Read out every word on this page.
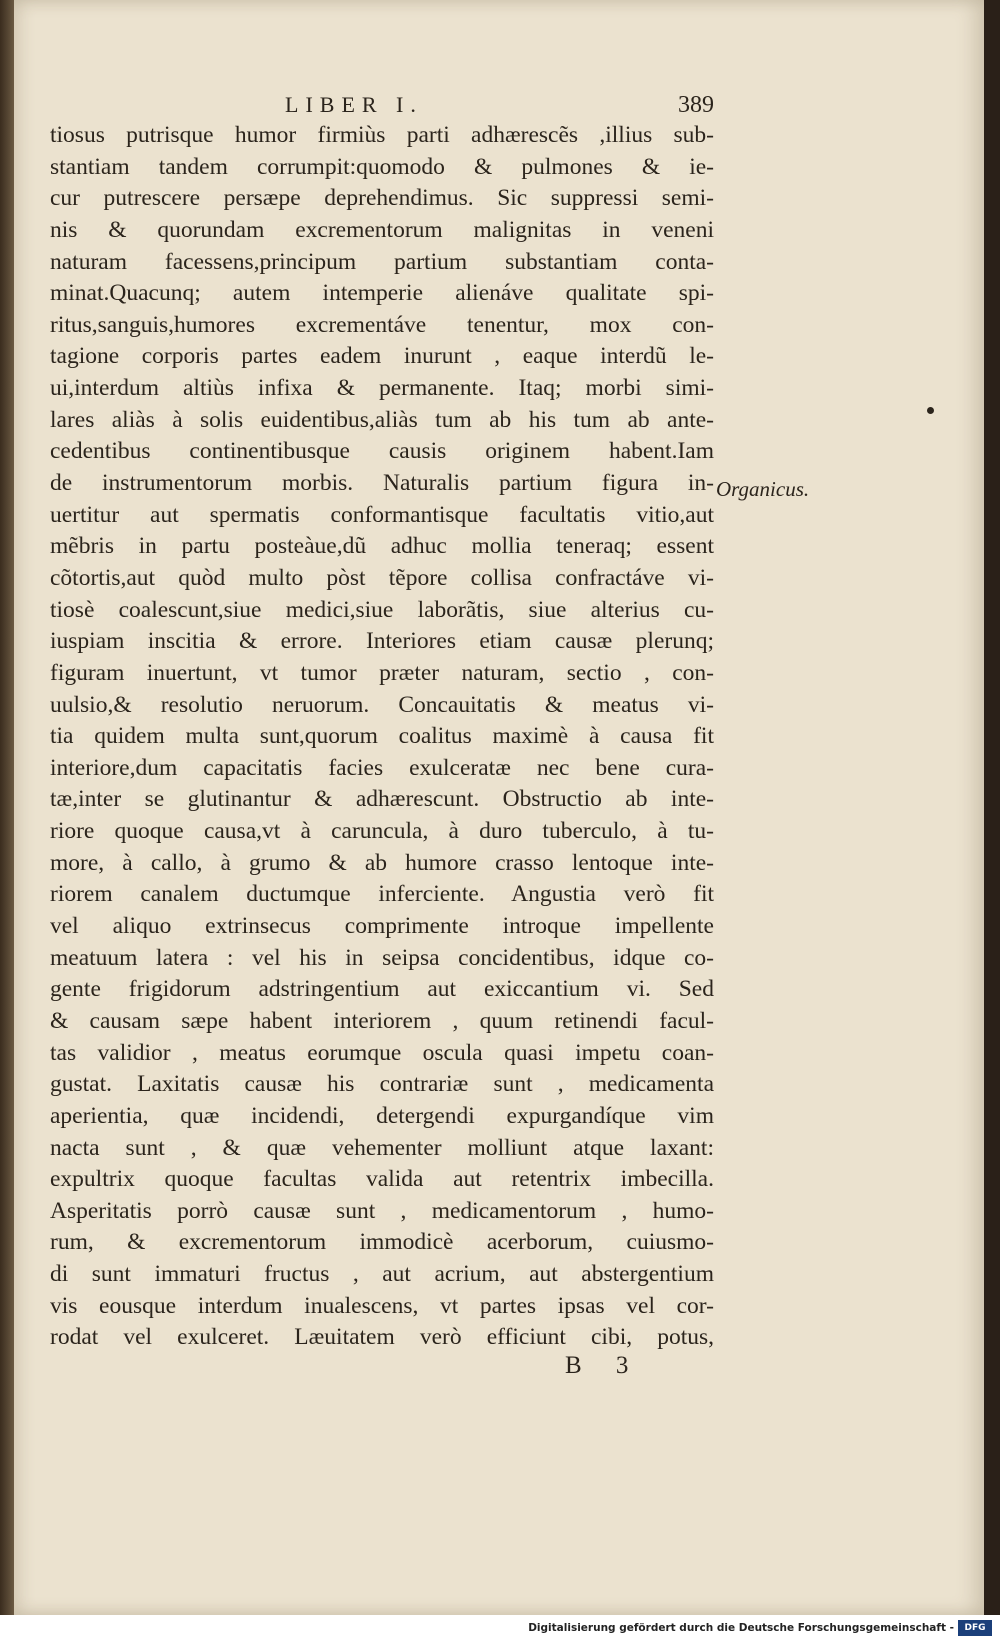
LIBER I.	389
tiosus putrisque humor firmiùs parti adhærescẽs ,illius sub-
stantiam tandem corrumpit:quomodo & pulmones & ie-
cur putrescere persæpe deprehendimus. Sic suppressi semi-
nis & quorundam excrementorum malignitas in veneni
naturam facessens,principum partium substantiam conta-
minat.Quacunq; autem intemperie alienáve qualitate spi-
ritus,sanguis,humores excrementáve tenentur, mox con-
tagione corporis partes eadem inurunt , eaque interdũ le-
ui,interdum altiùs infixa & permanente. Itaq; morbi simi-
lares aliàs à solis euidentibus,aliàs tum ab his tum ab ante-
cedentibus continentibusque causis originem habent.Iam
de instrumentorum morbis. Naturalis partium figura in-
uertitur aut spermatis conformantisque facultatis vitio,aut
mẽbris in partu posteàue,dũ adhuc mollia teneraq; essent
cõtortis,aut quòd multo pòst tẽpore collisa confractáve vi-
tiosè coalescunt,siue medici,siue laborãtis, siue alterius cu-
iuspiam inscitia & errore. Interiores etiam causæ plerunq;
figuram inuertunt, vt tumor præter naturam, sectio , con-
uulsio,& resolutio neruorum. Concauitatis & meatus vi-
tia quidem multa sunt,quorum coalitus maximè à causa fit
interiore,dum capacitatis facies exulceratæ nec bene cura-
tæ,inter se glutinantur & adhærescunt. Obstructio ab inte-
riore quoque causa,vt à caruncula, à duro tuberculo, à tu-
more, à callo, à grumo & ab humore crasso lentoque inte-
riorem canalem ductumque inferciente. Angustia verò fit
vel aliquo extrinsecus comprimente introque impellente
meatuum latera : vel his in seipsa concidentibus, idque co-
gente frigidorum adstringentium aut exiccantium vi. Sed
& causam sæpe habent interiorem , quum retinendi facul-
tas validior , meatus eorumque oscula quasi impetu coan-
gustat. Laxitatis causæ his contrariæ sunt , medicamenta
aperientia, quæ incidendi, detergendi expurgandíque vim
nacta sunt , & quæ vehementer molliunt atque laxant:
expultrix quoque facultas valida aut retentrix imbecilla.
Asperitatis porrò causæ sunt , medicamentorum , humo-
rum, & excrementorum immodicè acerborum, cuiusmo-
di sunt immaturi fructus , aut acrium, aut abstergentium
vis eousque interdum inualescens, vt partes ipsas vel cor-
rodat vel exulceret. Læuitatem verò efficiunt cibi, potus,
Organicus.
B 3
Digitalisierung gefördert durch die Deutsche Forschungsgemeinschaft -	DFG
